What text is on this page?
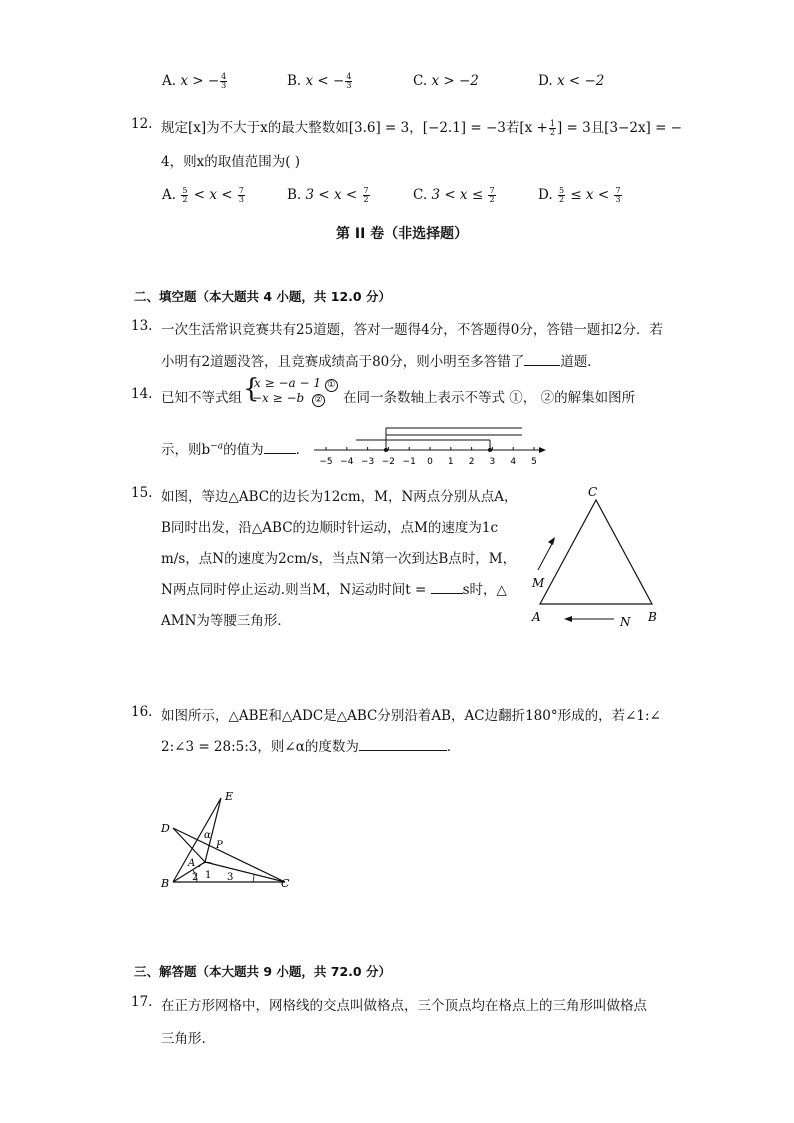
A. x > − $\frac{4}{3}$	B. x < − $\frac{4}{3}$	C. x > −2	D. x < −2
12. 规定[x]为不大于x的最大整数如[3.6] = 3，[−2.1] = −3若[$x + \frac{1}{2}$ ] = 3且[3−2x] = −
4，则x的取值范围为( )
A. $\frac{5}{2} < x < \frac{7}{3}$	B. $3 < x < \frac{7}{2}$	C. $3 < x \le \frac{7}{2}$	D. $\frac{5}{2} \le x < \frac{7}{3}$
第 II 卷（非选择题）
二、填空题（本大题共 4 小题，共 12.0 分）
13. 一次生活常识竞赛共有25道题，答对一题得4分，不答题得0分，答错一题扣2分．若
小明有2道题没答，且竞赛成绩高于80分，则小明至多答错了	道题．
14. 已知不等式组 {
x ≥ −a − 1 ①
−x ≥ −b ② 在同一条数轴上表示不等式 ①， ②的解集如图所
示，则$b^{-a}$的值为 ．
−5 −4 −3 −2 −1 0 1 2 3 4 5
15. 如图，等边△ABC的边长为12cm，M，N两点分别从点A，
B同时出发，沿△ABC的边顺时针运动，点M的速度为1c
m/s，点N的速度为2cm/s，当点N第一次到达B点时，M，
N两点同时停止运动.则当M，N运动时间t =	s时，△
AMN为等腰三角形．
C
A	B
M
N
16. 如图所示，△ABE和△ADC是△ABC分别沿着AB，AC边翻折180°形成的，若∠1:∠
2:∠3 = 28:5:3，则∠α的度数为	．
E
D
P
α
A
B	C
1
2	3
三、解答题（本大题共 9 小题，共 72.0 分）
17. 在正方形网格中，网格线的交点叫做格点，三个顶点均在格点上的三角形叫做格点
三角形．
